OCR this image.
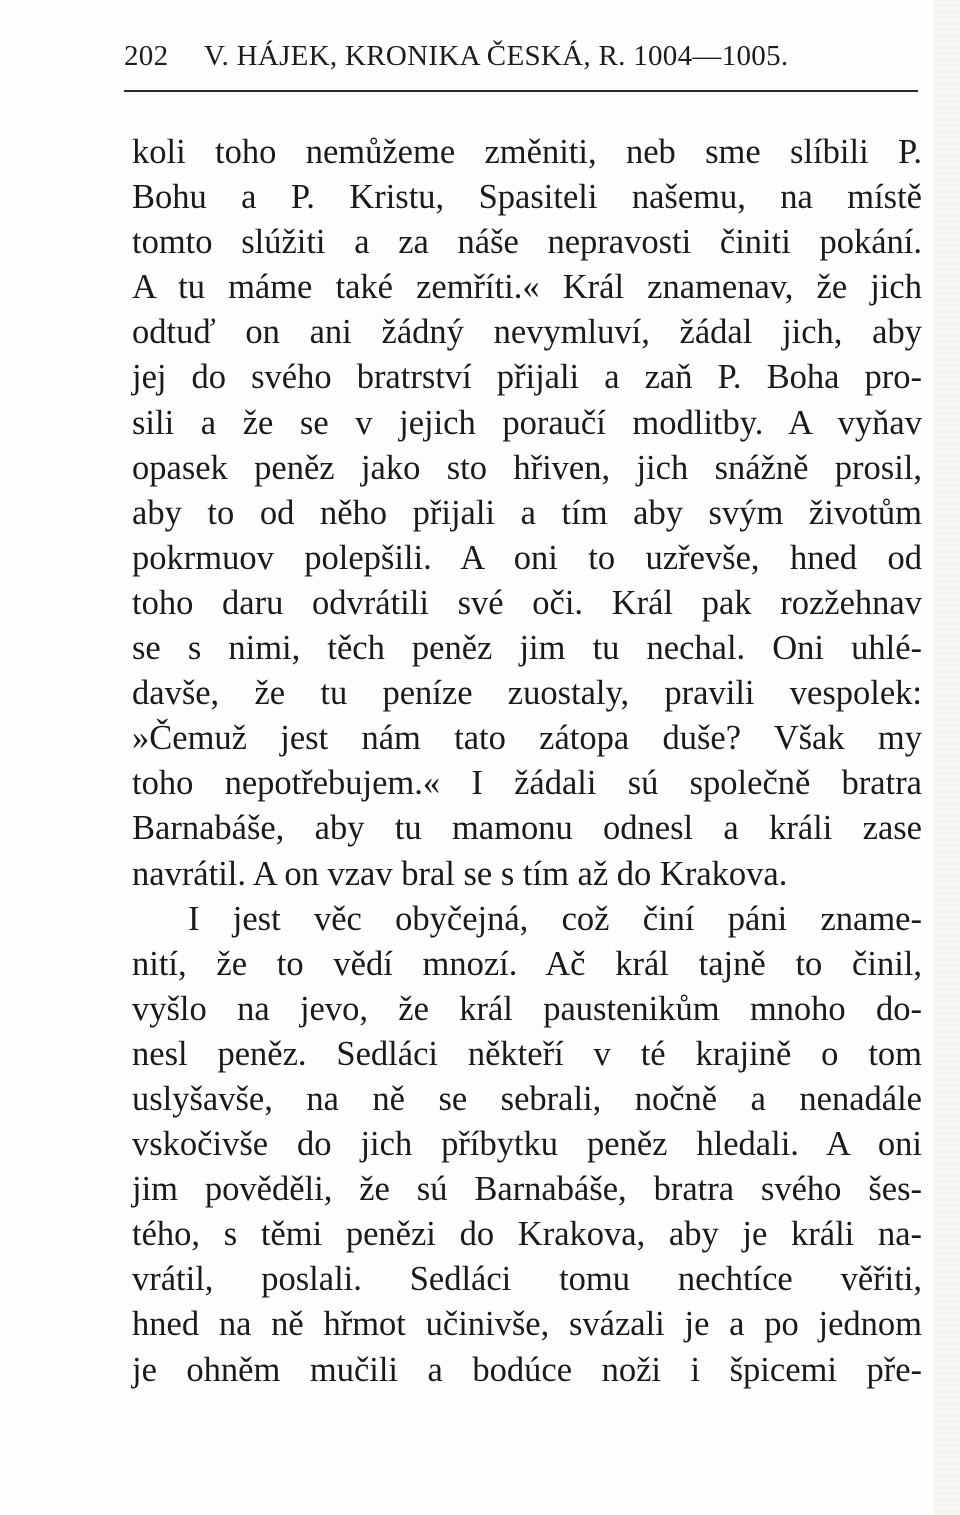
202 V. HÁJEK, KRONIKA ČESKÁ, R. 1004—1005.
koli toho nemůžeme změniti, neb sme slíbili P.
Bohu a P. Kristu, Spasiteli našemu, na místě
tomto slúžiti a za náše nepravosti činiti pokání.
A tu máme také zemříti.« Král znamenav, že jich
odtuď on ani žádný nevymluví, žádal jich, aby
jej do svého bratrství přijali a zaň P. Boha pro-
sili a že se v jejich poraučí modlitby. A vyňav
opasek peněz jako sto hřiven, jich snážně prosil,
aby to od něho přijali a tím aby svým životům
pokrmuov polepšili. A oni to uzřevše, hned od
toho daru odvrátili své oči. Král pak rozžehnav
se s nimi, těch peněz jim tu nechal. Oni uhlé-
davše, že tu peníze zuostaly, pravili vespolek:
»Čemuž jest nám tato zátopa duše? Však my
toho nepotřebujem.« I žádali sú společně bratra
Barnabáše, aby tu mamonu odnesl a králi zase
navrátil. A on vzav bral se s tím až do Krakova.
I jest věc obyčejná, což činí páni zname-
nití, že to vědí mnozí. Ač král tajně to činil,
vyšlo na jevo, že král paustenikům mnoho do-
nesl peněz. Sedláci někteří v té krajině o tom
uslyšavše, na ně se sebrali, nočně a nenadále
vskočivše do jich příbytku peněz hledali. A oni
jim pověděli, že sú Barnabáše, bratra svého šes-
tého, s těmi penězi do Krakova, aby je králi na-
vrátil, poslali. Sedláci tomu nechtíce věřiti,
hned na ně hřmot učinivše, svázali je a po jednom
je ohněm mučili a bodúce noži i špicemi pře-
